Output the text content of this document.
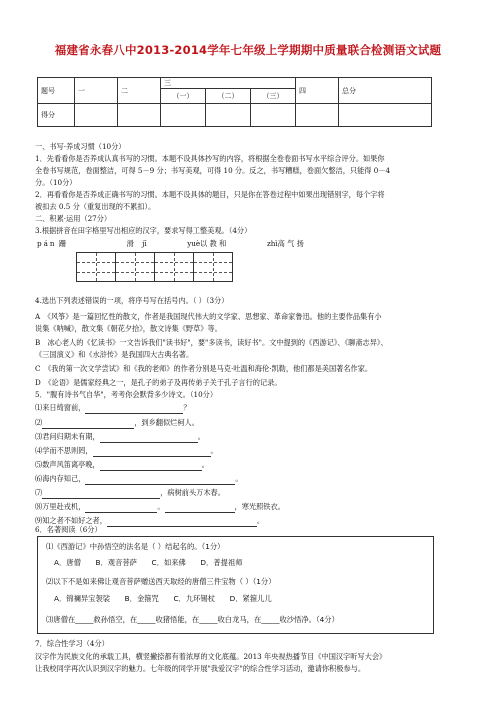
福建省永春八中2013-2014学年七年级上学期期中质量联合检测语文试题
题号	一	二	三			四	总分
			（一）	（二）	（三）		
得分							
一、书写·养成习惯（10分）
1．先看看你是否养成认真书写的习惯。本题不设具体抄写的内容，将根据全卷卷面书写水平综合评分。如果你
全卷书写规范，卷面整洁，可得 5－9 分；书写美观，可得 10 分。反之，书写糟糕，卷面欠整洁，只能得 0－4
分。（10分）
2．再看看你是否养成正确书写的习惯。本题不设具体的题目，只是你在答卷过程中如果出现错别字，每个字将
被扣去 0.5 分（重复出现的不累扣）。
二、积累·运用（27分）
3.根据拼音在田字格里写出相应的汉字，要求写得工整美观。（4分）
pán 跚	滑 jī	yuè以 教 和	zhì高 气 扬
4.选出下列表述错误的一项，将序号写在括号内。（ ）（3分）
A　《风筝》是一篇回忆性的散文，作者是我国现代伟大的文学家、思想家、革命家鲁迅。他的主要作品集有小
说集《呐喊》，散文集《朝花夕拾》，散文诗集《野草》等。
B　冰心老人的《忆读书》一文告诉我们"读书好"，要"多读书，读好书"。文中提到的《西游记》、《聊斋志异》、
《三国演义》和《水浒传》是我国四大古典名著。
C　《我的第一次文学尝试》和《我的老师》的作者分别是马克·吐温和海伦·凯勒，他们都是美国著名作家。
D　《论语》是儒家经典之一，是孔子的弟子及再传弟子关于孔子言行的记录。
5．"腹有诗书气自华"，考考你会默背多少诗文。（10分）
⑴来日绮窗前，	？
⑵	，到乡翻似烂柯人。
⑶君问归期未有期，	。
⑷学而不思则罔，	。
⑸数声风笛离亭晚，	。
⑹海内存知己，	。
⑺	，病树前头万木春。
⑻万里赴戎机，	。	，寒光照铁衣。
⑼知之者不如好之者，	。
6．名著阅读（6分）
⑴《西游记》中孙悟空的法名是（ ）结起名的。（1分）
A．唐僧　　B．观音菩萨　　C．如来佛　　D．普提祖师
⑵以下不是如来佛让观音菩萨赠送西天取经的唐僧三件宝物（ ）（1分）
A．锦襕异宝袈裟　　B．金箍咒　　C．九环锡杖　　D．紧箍儿儿
⑶唐僧在_____救孙悟空，在_____收猪悟能，在_____收白龙马，在_____收沙悟净。（4分）
7．综合性学习（4分）
汉字作为民族文化的承载工具，横竖撇捺都有着浓厚的文化底蕴。2013 年央视热播节目《中国汉字听写大会》
让我校同学再次认识到汉字的魅力。七年级的同学开展"我爱汉字"的综合性学习活动，邀请你积极参与。
